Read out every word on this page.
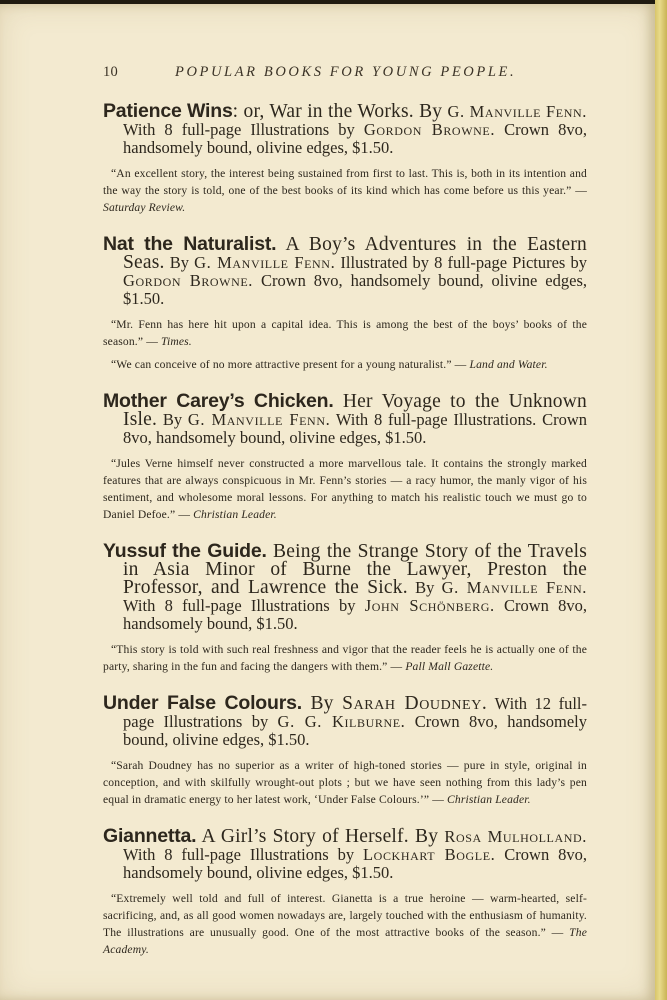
10	POPULAR BOOKS FOR YOUNG PEOPLE.
Patience Wins: or, War in the Works. By G. Manville Fenn. With 8 full-page Illustrations by Gordon Browne. Crown 8vo, handsomely bound, olivine edges, $1.50.
“An excellent story, the interest being sustained from first to last. This is, both in its intention and the way the story is told, one of the best books of its kind which has come before us this year.” — Saturday Review.
Nat the Naturalist. A Boy’s Adventures in the Eastern Seas. By G. Manville Fenn. Illustrated by 8 full-page Pictures by Gordon Browne. Crown 8vo, handsomely bound, olivine edges, $1.50.
“Mr. Fenn has here hit upon a capital idea. This is among the best of the boys’ books of the season.” — Times.
“We can conceive of no more attractive present for a young naturalist.” — Land and Water.
Mother Carey’s Chicken. Her Voyage to the Unknown Isle. By G. Manville Fenn. With 8 full-page Illustrations. Crown 8vo, handsomely bound, olivine edges, $1.50.
“Jules Verne himself never constructed a more marvellous tale. It contains the strongly marked features that are always conspicuous in Mr. Fenn’s stories — a racy humor, the manly vigor of his sentiment, and wholesome moral lessons. For anything to match his realistic touch we must go to Daniel Defoe.” — Christian Leader.
Yussuf the Guide. Being the Strange Story of the Travels in Asia Minor of Burne the Lawyer, Preston the Professor, and Lawrence the Sick. By G. Manville Fenn. With 8 full-page Illustrations by John Schönberg. Crown 8vo, handsomely bound, $1.50.
“This story is told with such real freshness and vigor that the reader feels he is actually one of the party, sharing in the fun and facing the dangers with them.” — Pall Mall Gazette.
Under False Colours. By Sarah Doudney. With 12 full-page Illustrations by G. G. Kilburne. Crown 8vo, handsomely bound, olivine edges, $1.50.
“Sarah Doudney has no superior as a writer of high-toned stories — pure in style, original in conception, and with skilfully wrought-out plots ; but we have seen nothing from this lady’s pen equal in dramatic energy to her latest work, ‘Under False Colours.’” — Christian Leader.
Giannetta. A Girl’s Story of Herself. By Rosa Mulholland. With 8 full-page Illustrations by Lockhart Bogle. Crown 8vo, handsomely bound, olivine edges, $1.50.
“Extremely well told and full of interest. Gianetta is a true heroine — warm-hearted, self-sacrificing, and, as all good women nowadays are, largely touched with the enthusiasm of humanity. The illustrations are unusually good. One of the most attractive books of the season.” — The Academy.
